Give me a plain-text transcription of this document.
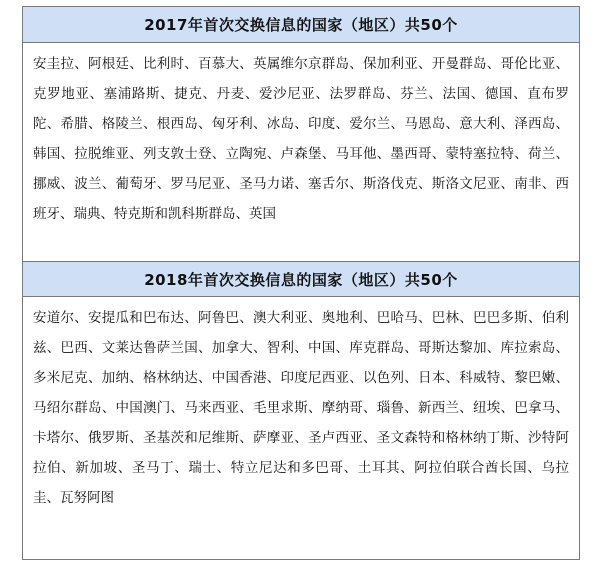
2017年首次交换信息的国家（地区）共50个
安圭拉、阿根廷、比利时、百慕大、英属维尔京群岛、保加利亚、开曼群岛、哥伦比亚、克罗地亚、塞浦路斯、捷克、丹麦、爱沙尼亚、法罗群岛、芬兰、法国、德国、直布罗陀、希腊、格陵兰、根西岛、匈牙利、冰岛、印度、爱尔兰、马恩岛、意大利、泽西岛、韩国、拉脱维亚、列支敦士登、立陶宛、卢森堡、马耳他、墨西哥、蒙特塞拉特、荷兰、挪威、波兰、葡萄牙、罗马尼亚、圣马力诺、塞舌尔、斯洛伐克、斯洛文尼亚、南非、西班牙、瑞典、特克斯和凯科斯群岛、英国
2018年首次交换信息的国家（地区）共50个
安道尔、安提瓜和巴布达、阿鲁巴、澳大利亚、奥地利、巴哈马、巴林、巴巴多斯、伯利兹、巴西、文莱达鲁萨兰国、加拿大、智利、中国、库克群岛、哥斯达黎加、库拉索岛、多米尼克、加纳、格林纳达、中国香港、印度尼西亚、以色列、日本、科威特、黎巴嫩、马绍尔群岛、中国澳门、马来西亚、毛里求斯、摩纳哥、瑙鲁、新西兰、纽埃、巴拿马、卡塔尔、俄罗斯、圣基茨和尼维斯、萨摩亚、圣卢西亚、圣文森特和格林纳丁斯、沙特阿拉伯、新加坡、圣马丁、瑞士、特立尼达和多巴哥、土耳其、阿拉伯联合酋长国、乌拉圭、瓦努阿图
